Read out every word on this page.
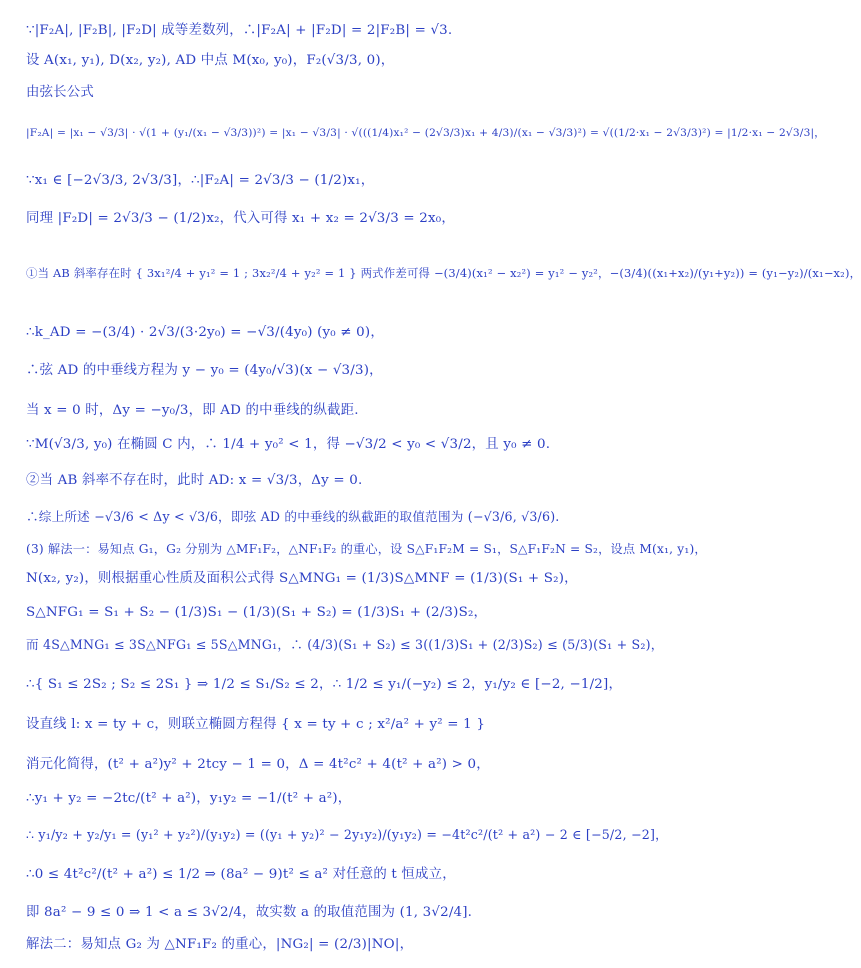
∵|F₂A|, |F₂B|, |F₂D| 成等差数列，∴|F₂A| + |F₂D| = 2|F₂B| = √3.
设 A(x₁, y₁), D(x₂, y₂), AD 中点 M(x₀, y₀)，F₂(√3/3, 0)，
由弦长公式
|F₂A| = |x₁ − √3/3| · √(1 + (y₁/(x₁ − √3/3))²) = |x₁ − √3/3| · √(((1/4)x₁² − (2√3/3)x₁ + 4/3)/(x₁ − √3/3)²) = √((1/2·x₁ − 2√3/3)²) = |1/2·x₁ − 2√3/3|，
∵x₁ ∈ [−2√3/3, 2√3/3]，∴|F₂A| = 2√3/3 − (1/2)x₁，
同理 |F₂D| = 2√3/3 − (1/2)x₂，代入可得 x₁ + x₂ = 2√3/3 = 2x₀，
①当 AB 斜率存在时 { 3x₁²/4 + y₁² = 1 ; 3x₂²/4 + y₂² = 1 } 两式作差可得 −(3/4)(x₁² − x₂²) = y₁² − y₂²，−(3/4)((x₁+x₂)/(y₁+y₂)) = (y₁−y₂)/(x₁−x₂)，
∴k_AD = −(3/4) · 2√3/(3·2y₀) = −√3/(4y₀) (y₀ ≠ 0)，
∴弦 AD 的中垂线方程为 y − y₀ = (4y₀/√3)(x − √3/3)，
当 x = 0 时，Δy = −y₀/3，即 AD 的中垂线的纵截距.
∵M(√3/3, y₀) 在椭圆 C 内，∴ 1/4 + y₀² < 1，得 −√3/2 < y₀ < √3/2，且 y₀ ≠ 0.
②当 AB 斜率不存在时，此时 AD: x = √3/3，Δy = 0.
∴综上所述 −√3/6 < Δy < √3/6，即弦 AD 的中垂线的纵截距的取值范围为 (−√3/6, √3/6).
(3) 解法一：易知点 G₁，G₂ 分别为 △MF₁F₂，△NF₁F₂ 的重心，设 S△F₁F₂M = S₁，S△F₁F₂N = S₂，设点 M(x₁, y₁)，
N(x₂, y₂)，则根据重心性质及面积公式得 S△MNG₁ = (1/3)S△MNF = (1/3)(S₁ + S₂)，
S△NFG₁ = S₁ + S₂ − (1/3)S₁ − (1/3)(S₁ + S₂) = (1/3)S₁ + (2/3)S₂，
而 4S△MNG₁ ≤ 3S△NFG₁ ≤ 5S△MNG₁，∴ (4/3)(S₁ + S₂) ≤ 3((1/3)S₁ + (2/3)S₂) ≤ (5/3)(S₁ + S₂)，
∴{ S₁ ≤ 2S₂ ; S₂ ≤ 2S₁ } ⇒ 1/2 ≤ S₁/S₂ ≤ 2，∴ 1/2 ≤ y₁/(−y₂) ≤ 2，y₁/y₂ ∈ [−2, −1/2]，
设直线 l: x = ty + c，则联立椭圆方程得 { x = ty + c ; x²/a² + y² = 1 }
消元化简得，(t² + a²)y² + 2tcy − 1 = 0，Δ = 4t²c² + 4(t² + a²) > 0，
∴y₁ + y₂ = −2tc/(t² + a²)，y₁y₂ = −1/(t² + a²)，
∴ y₁/y₂ + y₂/y₁ = (y₁² + y₂²)/(y₁y₂) = ((y₁ + y₂)² − 2y₁y₂)/(y₁y₂) = −4t²c²/(t² + a²) − 2 ∈ [−5/2, −2]，
∴0 ≤ 4t²c²/(t² + a²) ≤ 1/2 ⇒ (8a² − 9)t² ≤ a² 对任意的 t 恒成立，
即 8a² − 9 ≤ 0 ⇒ 1 < a ≤ 3√2/4，故实数 a 的取值范围为 (1, 3√2/4].
解法二：易知点 G₂ 为 △NF₁F₂ 的重心，|NG₂| = (2/3)|NO|，
